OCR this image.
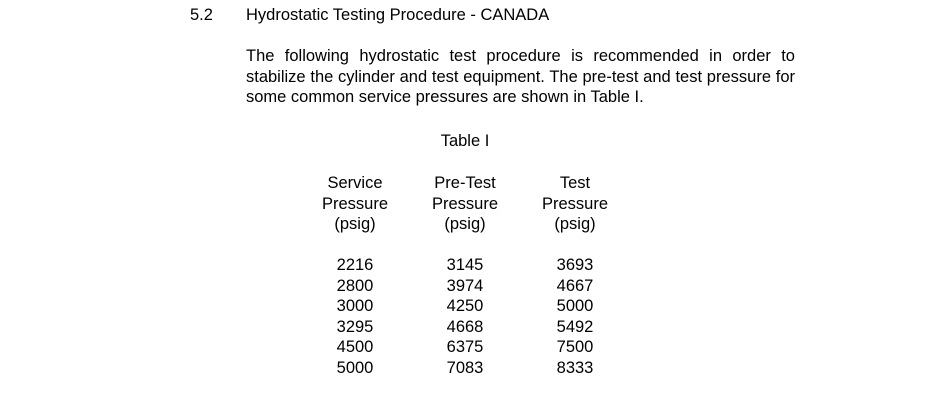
5.2 Hydrostatic Testing Procedure - CANADA

The following hydrostatic test procedure is recommended in order to stabilize the cylinder and test equipment. The pre-test and test pressure for some common service pressures are shown in Table I.

Table I
Service	Pre-Test	Test
Pressure	Pressure	Pressure
(psig)	(psig)	(psig)

2216	3145	3693
2800	3974	4667
3000	4250	5000
3295	4668	5492
4500	6375	7500
5000	7083	8333
